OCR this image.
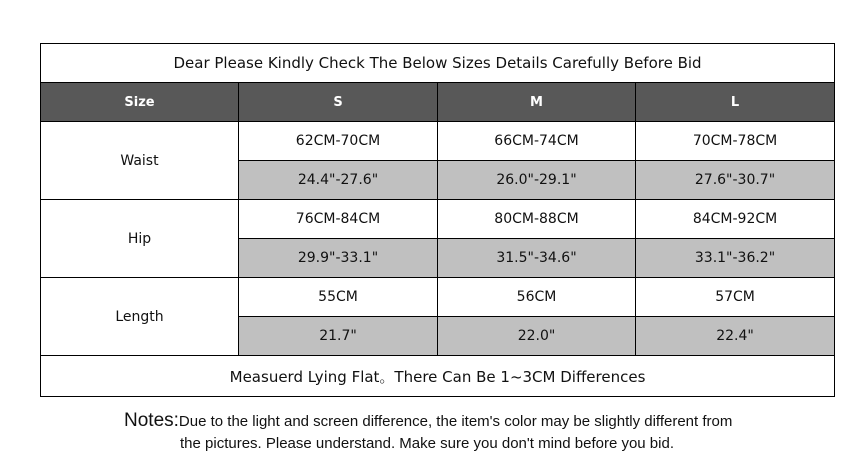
Dear Please Kindly Check The Below Sizes Details Carefully Before Bid			
Size	S	M	L
Waist	62CM-70CM	66CM-74CM	70CM-78CM
	24.4"-27.6"	26.0"-29.1"	27.6"-30.7"
Hip	76CM-84CM	80CM-88CM	84CM-92CM
	29.9"-33.1"	31.5"-34.6"	33.1"-36.2"
Length	55CM	56CM	57CM
	21.7"	22.0"	22.4"
Measuerd Lying Flat。There Can Be 1~3CM Differences			
Notes:Due to the light and screen difference, the item's color may be slightly different from
the pictures. Please understand. Make sure you don't mind before you bid.
